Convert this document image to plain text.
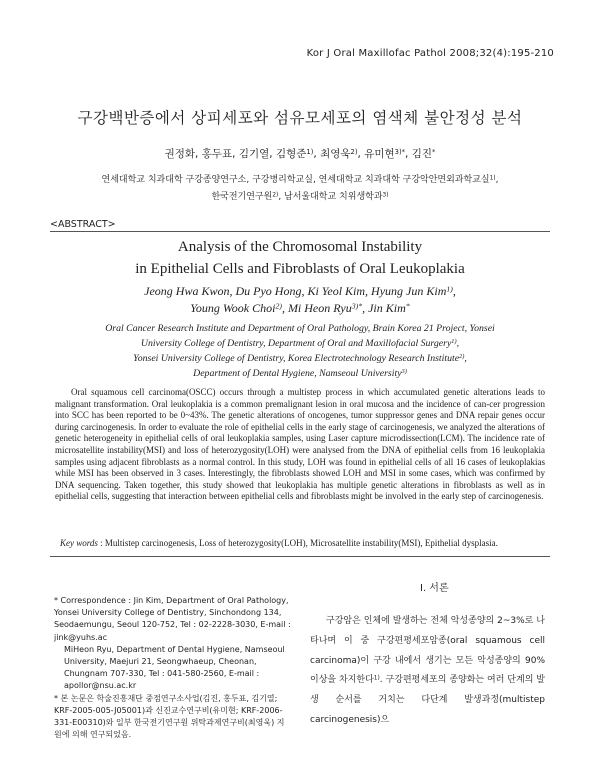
Kor J Oral Maxillofac Pathol 2008;32(4):195-210
구강백반증에서 상피세포와 섬유모세포의 염색체 불안정성 분석
권정화, 홍두표, 김기열, 김형준$^{1)}$, 최영욱$^{2)}$, 유미현$^{3)*}$, 김진*
연세대학교 치과대학 구강종양연구소, 구강병리학교실, 연세대학교 치과대학 구강악안면외과학교실$^{1)}$,
한국전기연구원$^{2)}$, 남서울대학교 치위생학과$^{3)}$
<ABSTRACT>
Analysis of the Chromosomal Instability
in Epithelial Cells and Fibroblasts of Oral Leukoplakia
Jeong Hwa Kwon, Du Pyo Hong, Ki Yeol Kim, Hyung Jun Kim$^{1)}$,
Young Wook Choi$^{2)}$, Mi Heon Ryu$^{3)*}$, Jin Kim*
Oral Cancer Research Institute and Department of Oral Pathology, Brain Korea 21 Project, Yonsei
University College of Dentistry, Department of Oral and Maxillofacial Surgery$^{1)}$,
Yonsei University College of Dentistry, Korea Electrotechnology Research Institute$^{2)}$,
Department of Dental Hygiene, Namseoul University$^{3)}$

Oral squamous cell carcinoma(OSCC) occurs through a multistep process in which accumulated genetic alterations leads to malignant transformation. Oral leukoplakia is a common premalignant lesion in oral mucosa and the incidence of can-cer progression into SCC has been reported to be 0~43%. The genetic alterations of oncogenes, tumor suppressor genes and DNA repair genes occur during carcinogenesis. In order to evaluate the role of epithelial cells in the early stage of carcinogenesis, we analyzed the alterations of genetic heterogeneity in epithelial cells of oral leukoplakia samples, using Laser capture microdissection(LCM). The incidence rate of microsatellite instability(MSI) and loss of heterozygosity(LOH) were analysed from the DNA of epithelial cells from 16 leukoplakia samples using adjacent fibroblasts as a normal control. In this study, LOH was found in epithelial cells of all 16 cases of leukoplakias while MSI has been observed in 3 cases. Interestingly, the fibroblasts showed LOH and MSI in some cases, which was confirmed by DNA sequencing. Taken together, this study showed that leukoplakia has multiple genetic alterations in fibroblasts as well as in epithelial cells, suggesting that interaction between epithelial cells and fibroblasts might be involved in the early step of carcinogenesis.

Key words : Multistep carcinogenesis, Loss of heterozygosity(LOH), Microsatellite instability(MSI), Epithelial dysplasia.
I. 서론

구강암은 인체에 발생하는 전체 악성종양의 2~3%로 나타나며 이 중 구강편평세포암종(oral squamous cell carcinoma)이 구강 내에서 생기는 모든 악성종양의 90% 이상을 차지한다$^{1)}$. 구강편평세포의 종양화는 여러 단계의 발생 순서를 거치는 다단계 발생과정(multistep carcinogenesis)으

* Correspondence : Jin Kim, Department of Oral Pathology, Yonsei University College of Dentistry, Sinchondong 134, Seodaemungu, Seoul 120-752, Tel : 02-2228-3030, E-mail : jink@yuhs.ac

MiHeon Ryu, Department of Dental Hygiene, Namseoul University, Maejuri 21, Seongwhaeup, Cheonan, Chungnam 707-330, Tel : 041-580-2560, E-mail : apollor@nsu.ac.kr

* 본 논문은 학술진흥재단 중점연구소사업(김진, 홍두표, 김기열; KRF-2005-005-J05001)과 신진교수연구비(유미현; KRF-2006-331-E00310)와 일부 한국전기연구원 위탁과제연구비(최영욱) 지원에 의해 연구되었음.
